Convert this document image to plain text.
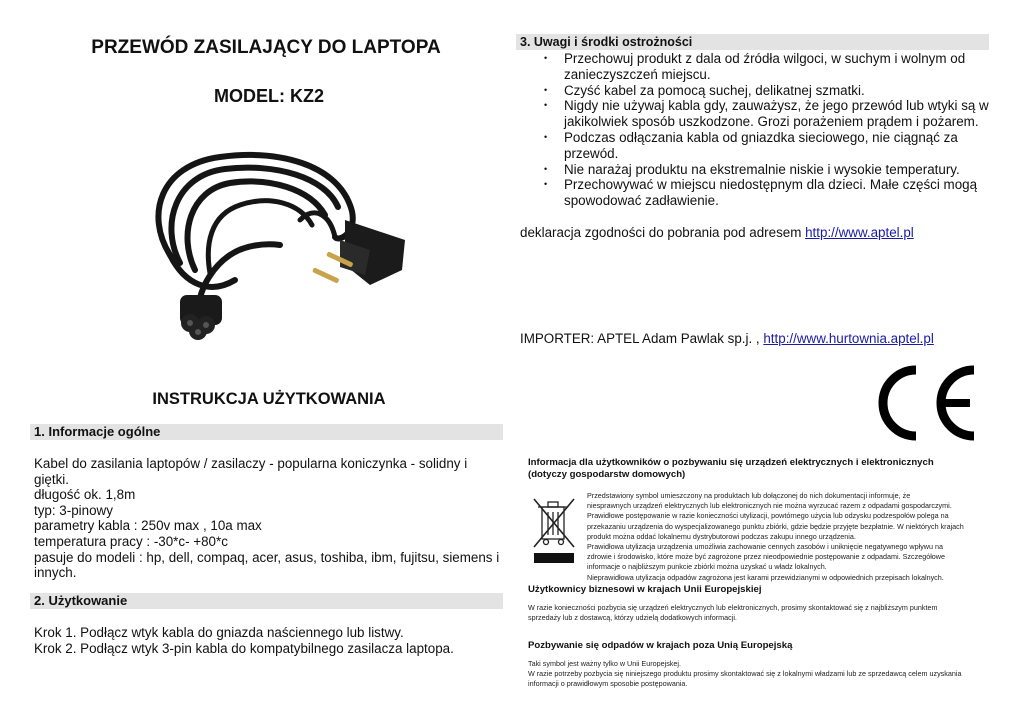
PRZEWÓD ZASILAJĄCY DO LAPTOPA
MODEL: KZ2
INSTRUKCJA UŻYTKOWANIA
1. Informacje ogólne
Kabel do zasilania laptopów / zasilaczy - popularna koniczynka - solidny i
giętki.
długość ok. 1,8m
typ: 3-pinowy
parametry kabla : 250v max , 10a max
temperatura pracy : -30*c- +80*c
pasuje do modeli : hp, dell, compaq, acer, asus, toshiba, ibm, fujitsu, siemens i
innych.
2. Użytkowanie
Krok 1. Podłącz wtyk kabla do gniazda naściennego lub listwy.
Krok 2. Podłącz wtyk 3-pin kabla do kompatybilnego zasilacza laptopa.
3. Uwagi i środki ostrożności
• Przechowuj produkt z dala od źródła wilgoci, w suchym i wolnym od
zanieczyszczeń miejscu.
• Czyść kabel za pomocą suchej, delikatnej szmatki.
• Nigdy nie używaj kabla gdy, zauważysz, że jego przewód lub wtyki są w
jakikolwiek sposób uszkodzone. Grozi porażeniem prądem i pożarem.
• Podczas odłączania kabla od gniazdka sieciowego, nie ciągnąć za
przewód.
• Nie narażaj produktu na ekstremalnie niskie i wysokie temperatury.
• Przechowywać w miejscu niedostępnym dla dzieci. Małe części mogą
spowodować zadławienie.
deklaracja zgodności do pobrania pod adresem http://www.aptel.pl
IMPORTER: APTEL Adam Pawlak sp.j. , http://www.hurtownia.aptel.pl
Informacja dla użytkowników o pozbywaniu się urządzeń elektrycznych i elektronicznych
(dotyczy gospodarstw domowych)
Przedstawiony symbol umieszczony na produktach lub dołączonej do nich dokumentacji informuje, że
niesprawnych urządzeń elektrycznych lub elektronicznych nie można wyrzucać razem z odpadami gospodarczymi.
Prawidłowe postępowanie w razie konieczności utylizacji, powtórnego użycia lub odzysku podzespołów polega na
przekazaniu urządzenia do wyspecjalizowanego punktu zbiórki, gdzie będzie przyjęte bezpłatnie. W niektórych krajach
produkt można oddać lokalnemu dystrybutorowi podczas zakupu innego urządzenia.
Prawidłowa utylizacja urządzenia umożliwia zachowanie cennych zasobów i uniknięcie negatywnego wpływu na
zdrowie i środowisko, które może być zagrożone przez nieodpowiednie postępowanie z odpadami. Szczegółowe
informacje o najbliższym punkcie zbiórki można uzyskać u władz lokalnych.
Nieprawidłowa utylizacja odpadów zagrożona jest karami przewidzianymi w odpowiednich przepisach lokalnych.
Użytkownicy biznesowi w krajach Unii Europejskiej
W razie konieczności pozbycia się urządzeń elektrycznych lub elektronicznych, prosimy skontaktować się z najbliższym punktem
sprzedaży lub z dostawcą, którzy udzielą dodatkowych informacji.
Pozbywanie się odpadów w krajach poza Unią Europejską
Taki symbol jest ważny tylko w Unii Europejskej.
W razie potrzeby pozbycia się niniejszego produktu prosimy skontaktować się z lokalnymi władzami lub ze sprzedawcą celem uzyskania
informacji o prawidłowym sposobie postępowania.
